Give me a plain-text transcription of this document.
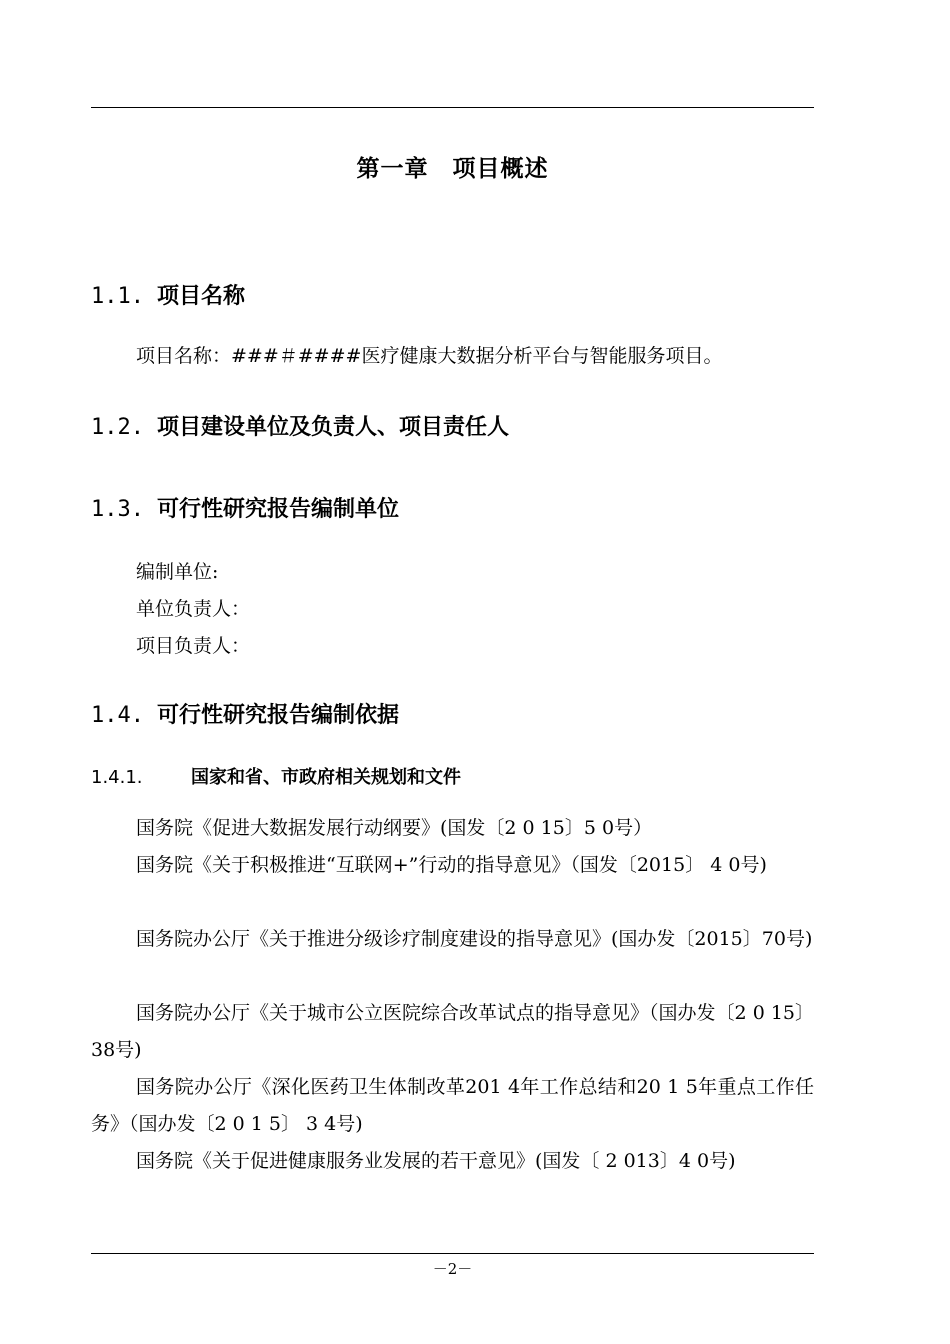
第一章　项目概述
1.1. 项目名称
项目名称：###＃####医疗健康大数据分析平台与智能服务项目。
1.2. 项目建设单位及负责人、项目责任人
1.3. 可行性研究报告编制单位
编制单位:
单位负责人：
项目负责人：
1.4. 可行性研究报告编制依据
1.4.1.	国家和省、市政府相关规划和文件
国务院《促进大数据发展行动纲要》(国发〔2 0 15〕5 0号）
国务院《关于积极推进“互联网+”行动的指导意见》（国发〔2015〕 4 0号)
国务院办公厅《关于推进分级诊疗制度建设的指导意见》(国办发〔2015〕70号)
国务院办公厅《关于城市公立医院综合改革试点的指导意见》（国办发〔2 0 15〕38号)
国务院办公厅《深化医药卫生体制改革201 4年工作总结和20 1 5年重点工作任务》（国办发〔2 0 1 5〕 3 4号)
国务院《关于促进健康服务业发展的若干意见》(国发〔 2 013〕4 0号)
－2－
